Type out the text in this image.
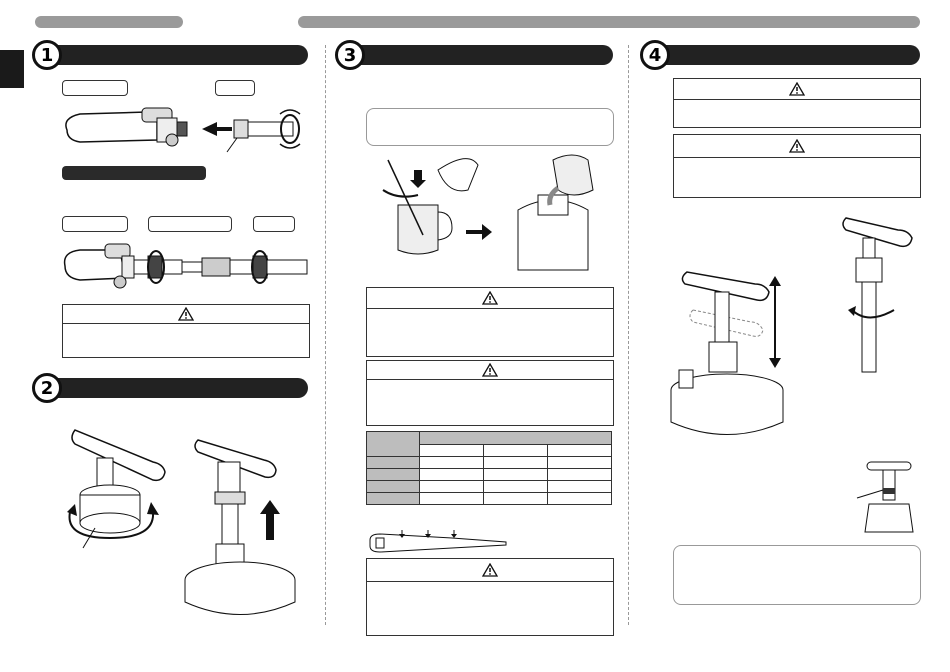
1
2
3

				4
